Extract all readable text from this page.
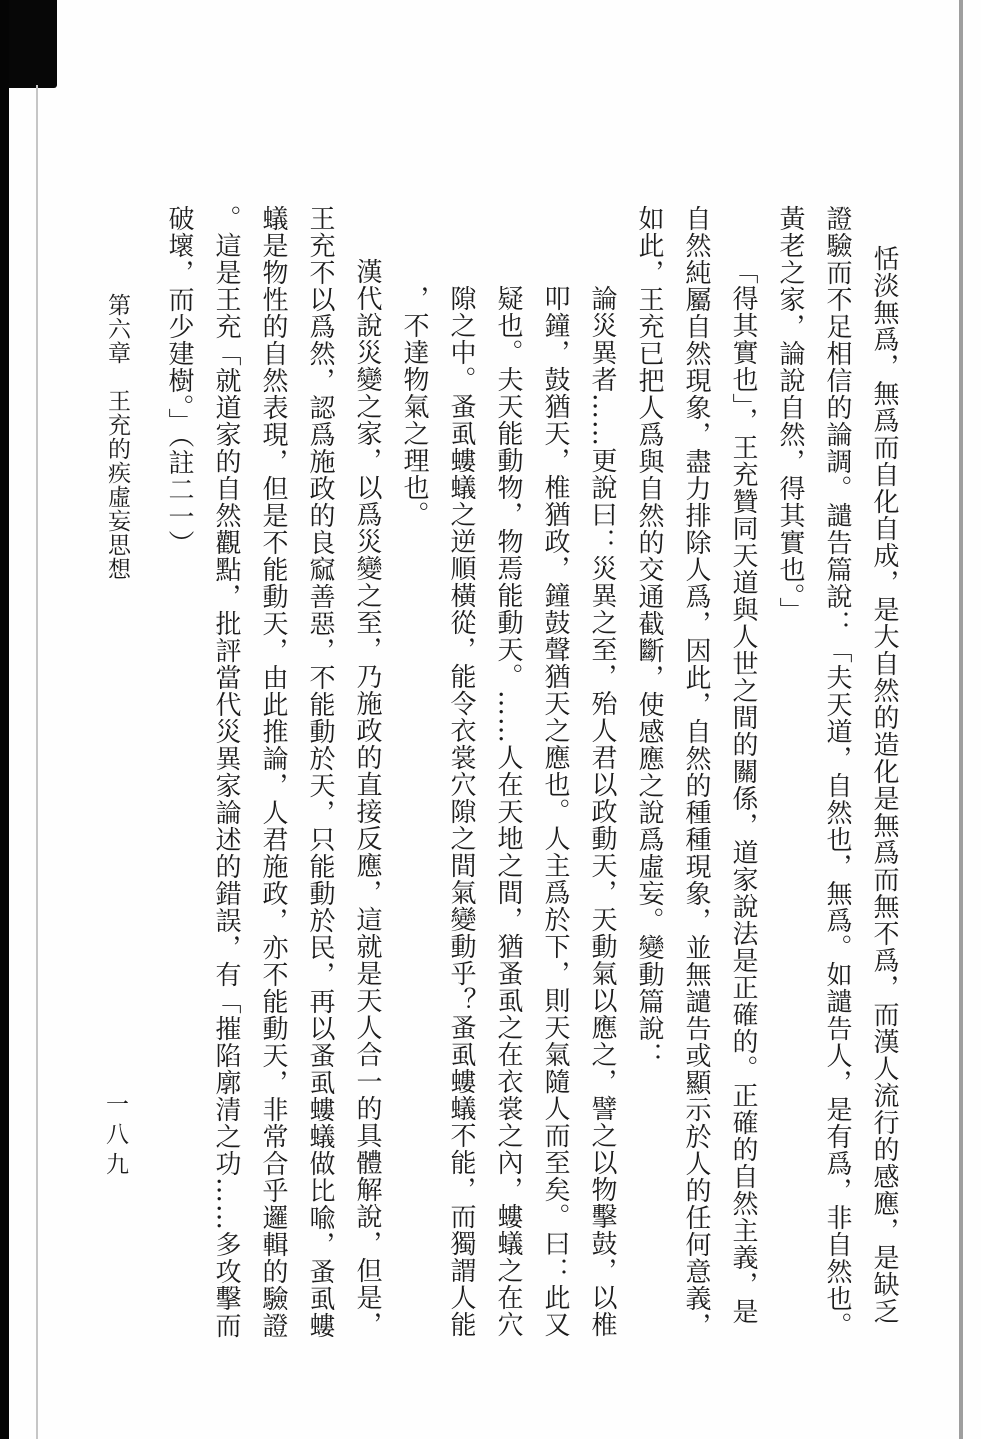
恬淡無爲，無爲而自化自成，是大自然的造化是無爲而無不爲，而漢人流行的感應，是缺乏
證驗而不足相信的論調。譴告篇說：「夫天道，自然也，無爲。如譴告人，是有爲，非自然也。
黃老之家，論說自然，得其實也。」
「得其實也」，王充贊同天道與人世之間的關係，道家說法是正確的。正確的自然主義，是
自然純屬自然現象，盡力排除人爲，因此，自然的種種現象，並無譴告或顯示於人的任何意義，
如此，王充已把人爲與自然的交通截斷，使感應之說爲虛妄。變動篇說：
論災異者……更說曰：災異之至，殆人君以政動天，天動氣以應之，譬之以物擊鼓，以椎
叩鐘，鼓猶天，椎猶政，鐘鼓聲猶天之應也。人主爲於下，則天氣隨人而至矣。曰：此又
疑也。夫天能動物，物焉能動天。……人在天地之間，猶蚤虱之在衣裳之內，螻蟻之在穴
隙之中。蚤虱螻蟻之逆順橫從，能令衣裳穴隙之間氣變動乎？蚤虱螻蟻不能，而獨謂人能
，不達物氣之理也。
漢代說災變之家，以爲災變之至，乃施政的直接反應，這就是天人合一的具體解說，但是，
王充不以爲然，認爲施政的良窳善惡，不能動於天，只能動於民，再以蚤虱螻蟻做比喩，蚤虱螻
蟻是物性的自然表現，但是不能動天，由此推論，人君施政，亦不能動天，非常合乎邏輯的驗證
。這是王充「就道家的自然觀點，批評當代災異家論述的錯誤，有「摧陷廓清之功……多攻擊而
破壞，而少建樹。」（註二一）
第六章　王充的疾虛妄思想
一八九
